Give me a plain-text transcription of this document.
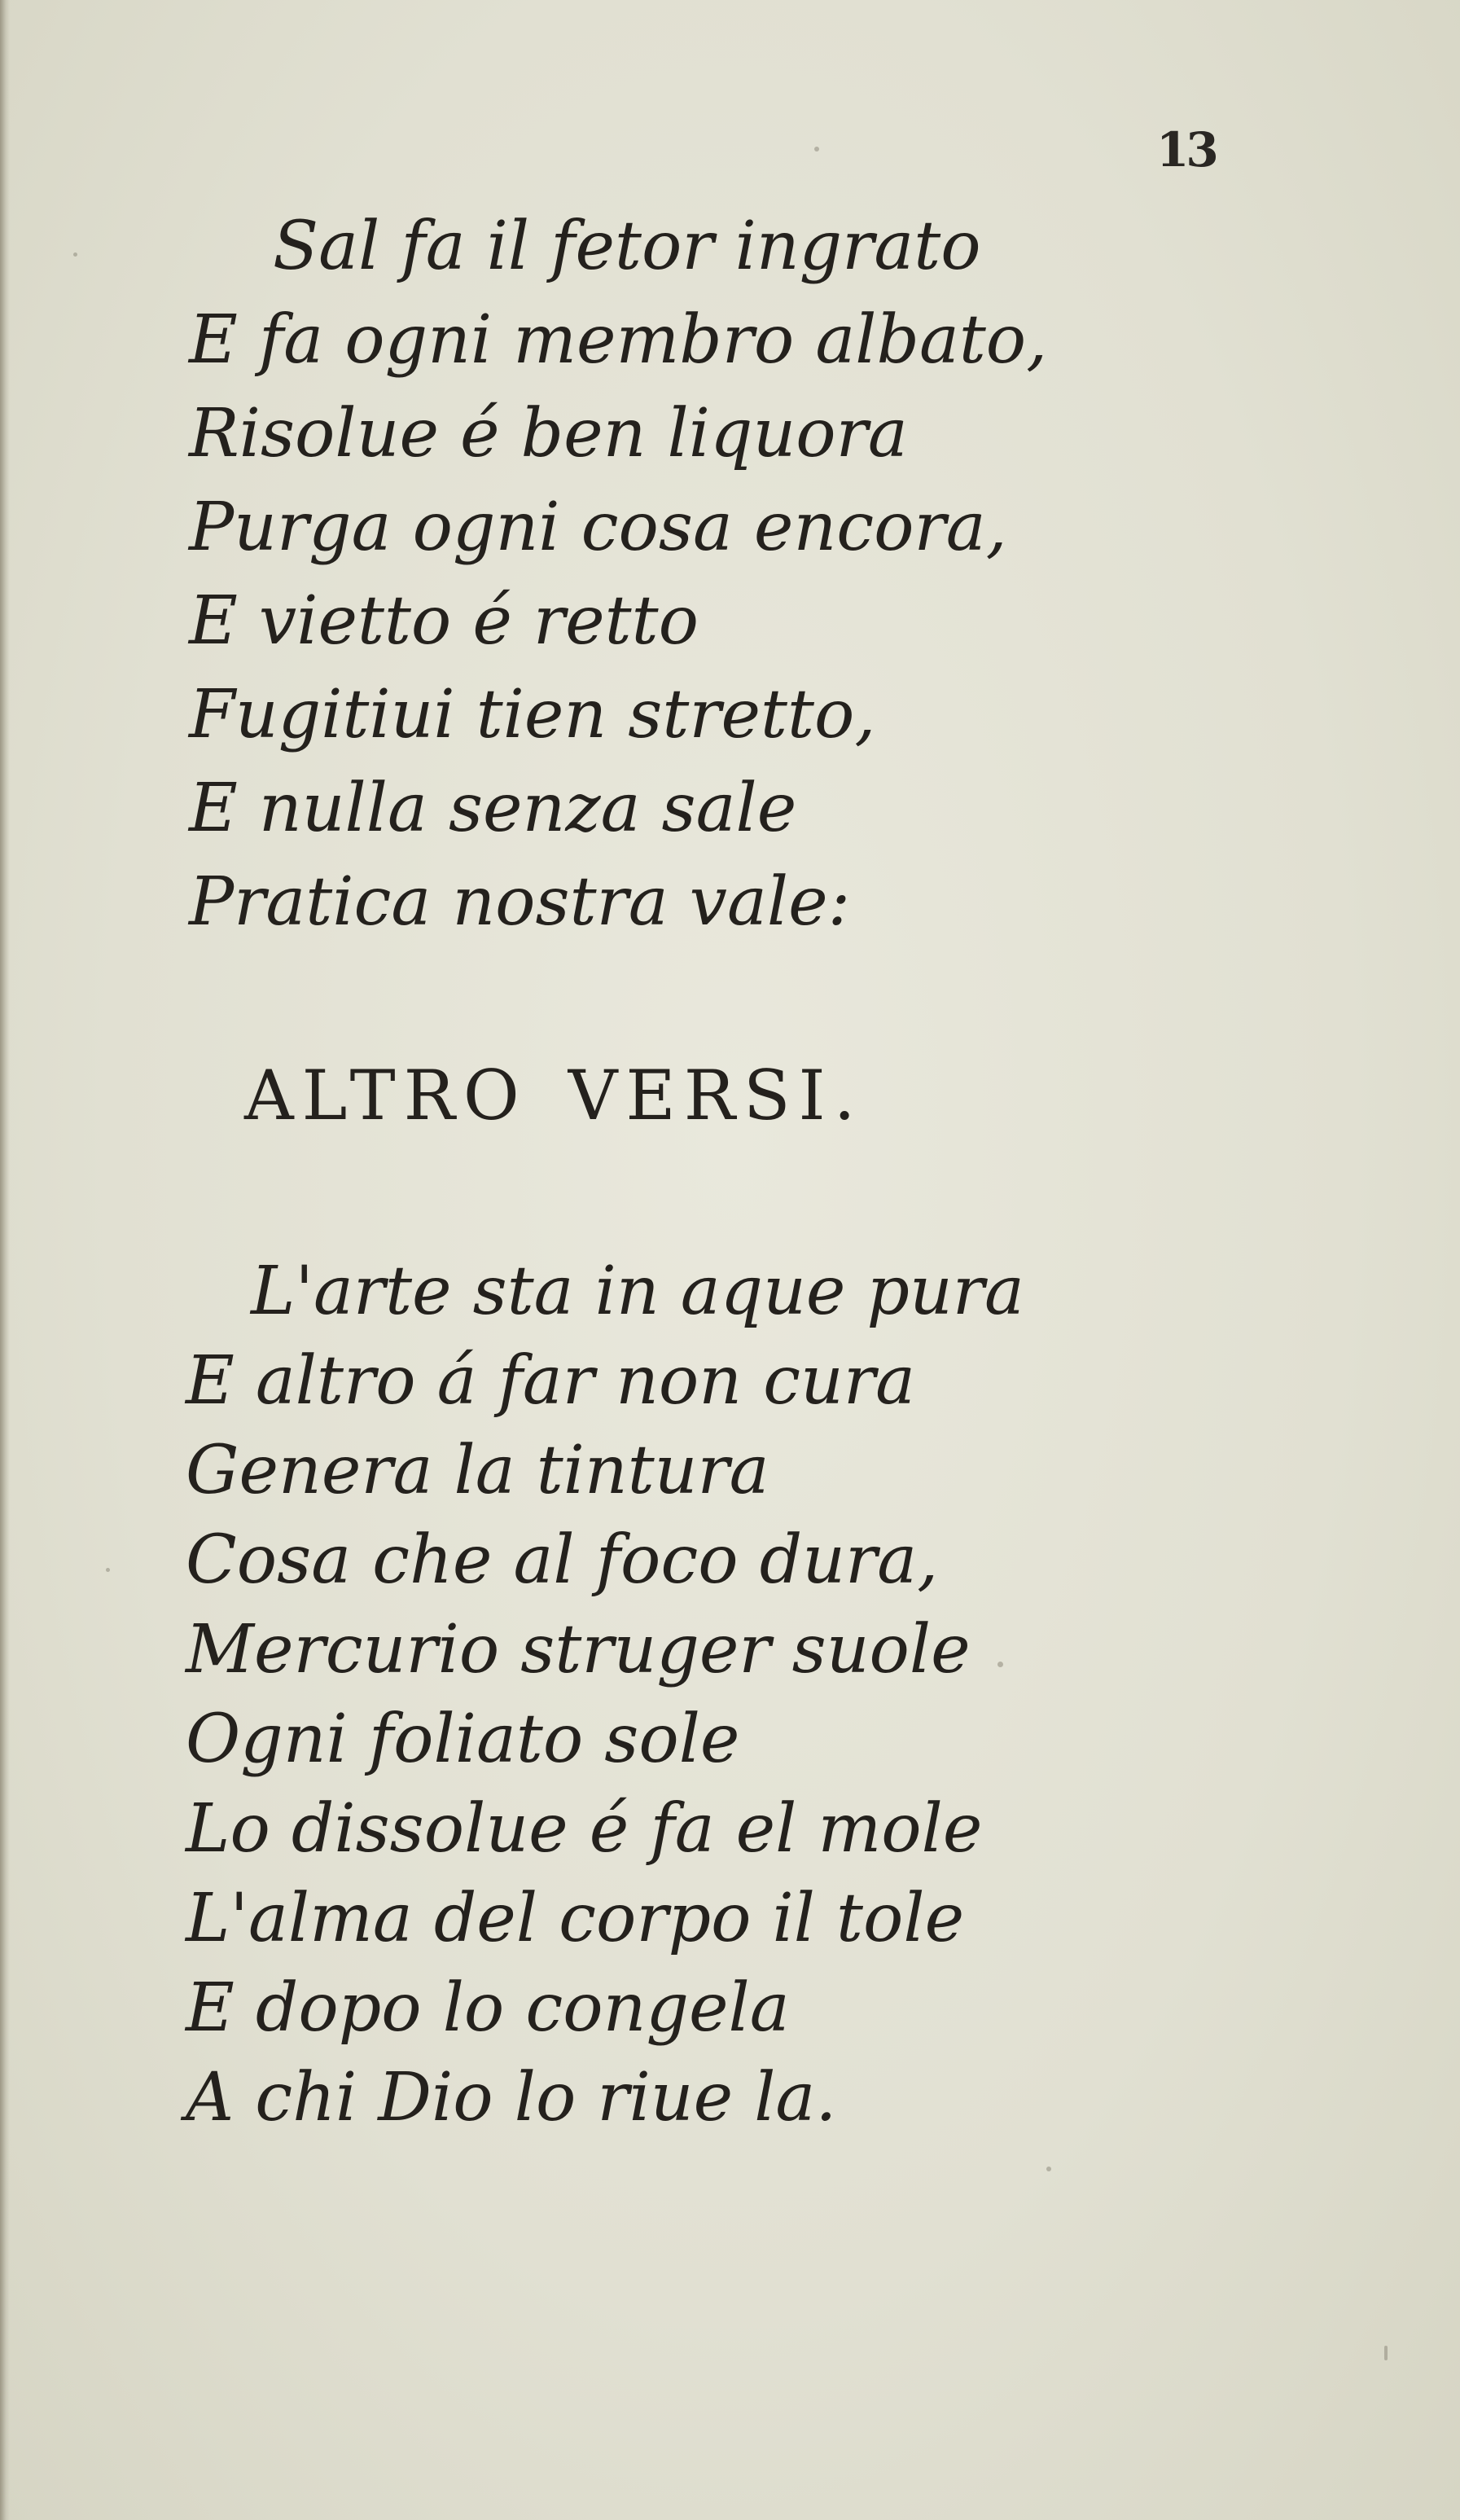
13
Sal fa il fetor ingrato
E fa ogni membro albato,
Risolue é ben liquora
Purga ogni cosa encora,
E vietto é retto
Fugitiui tien stretto,
E nulla senza sale
Pratica nostra vale:
ALTRO VERSI.
L'arte sta in aque pura
E altro á far non cura
Genera la tintura
Cosa che al foco dura,
Mercurio struger suole
Ogni foliato sole
Lo dissolue é fa el mole
L'alma del corpo il tole
E dopo lo congela
A chi Dio lo riue la.
